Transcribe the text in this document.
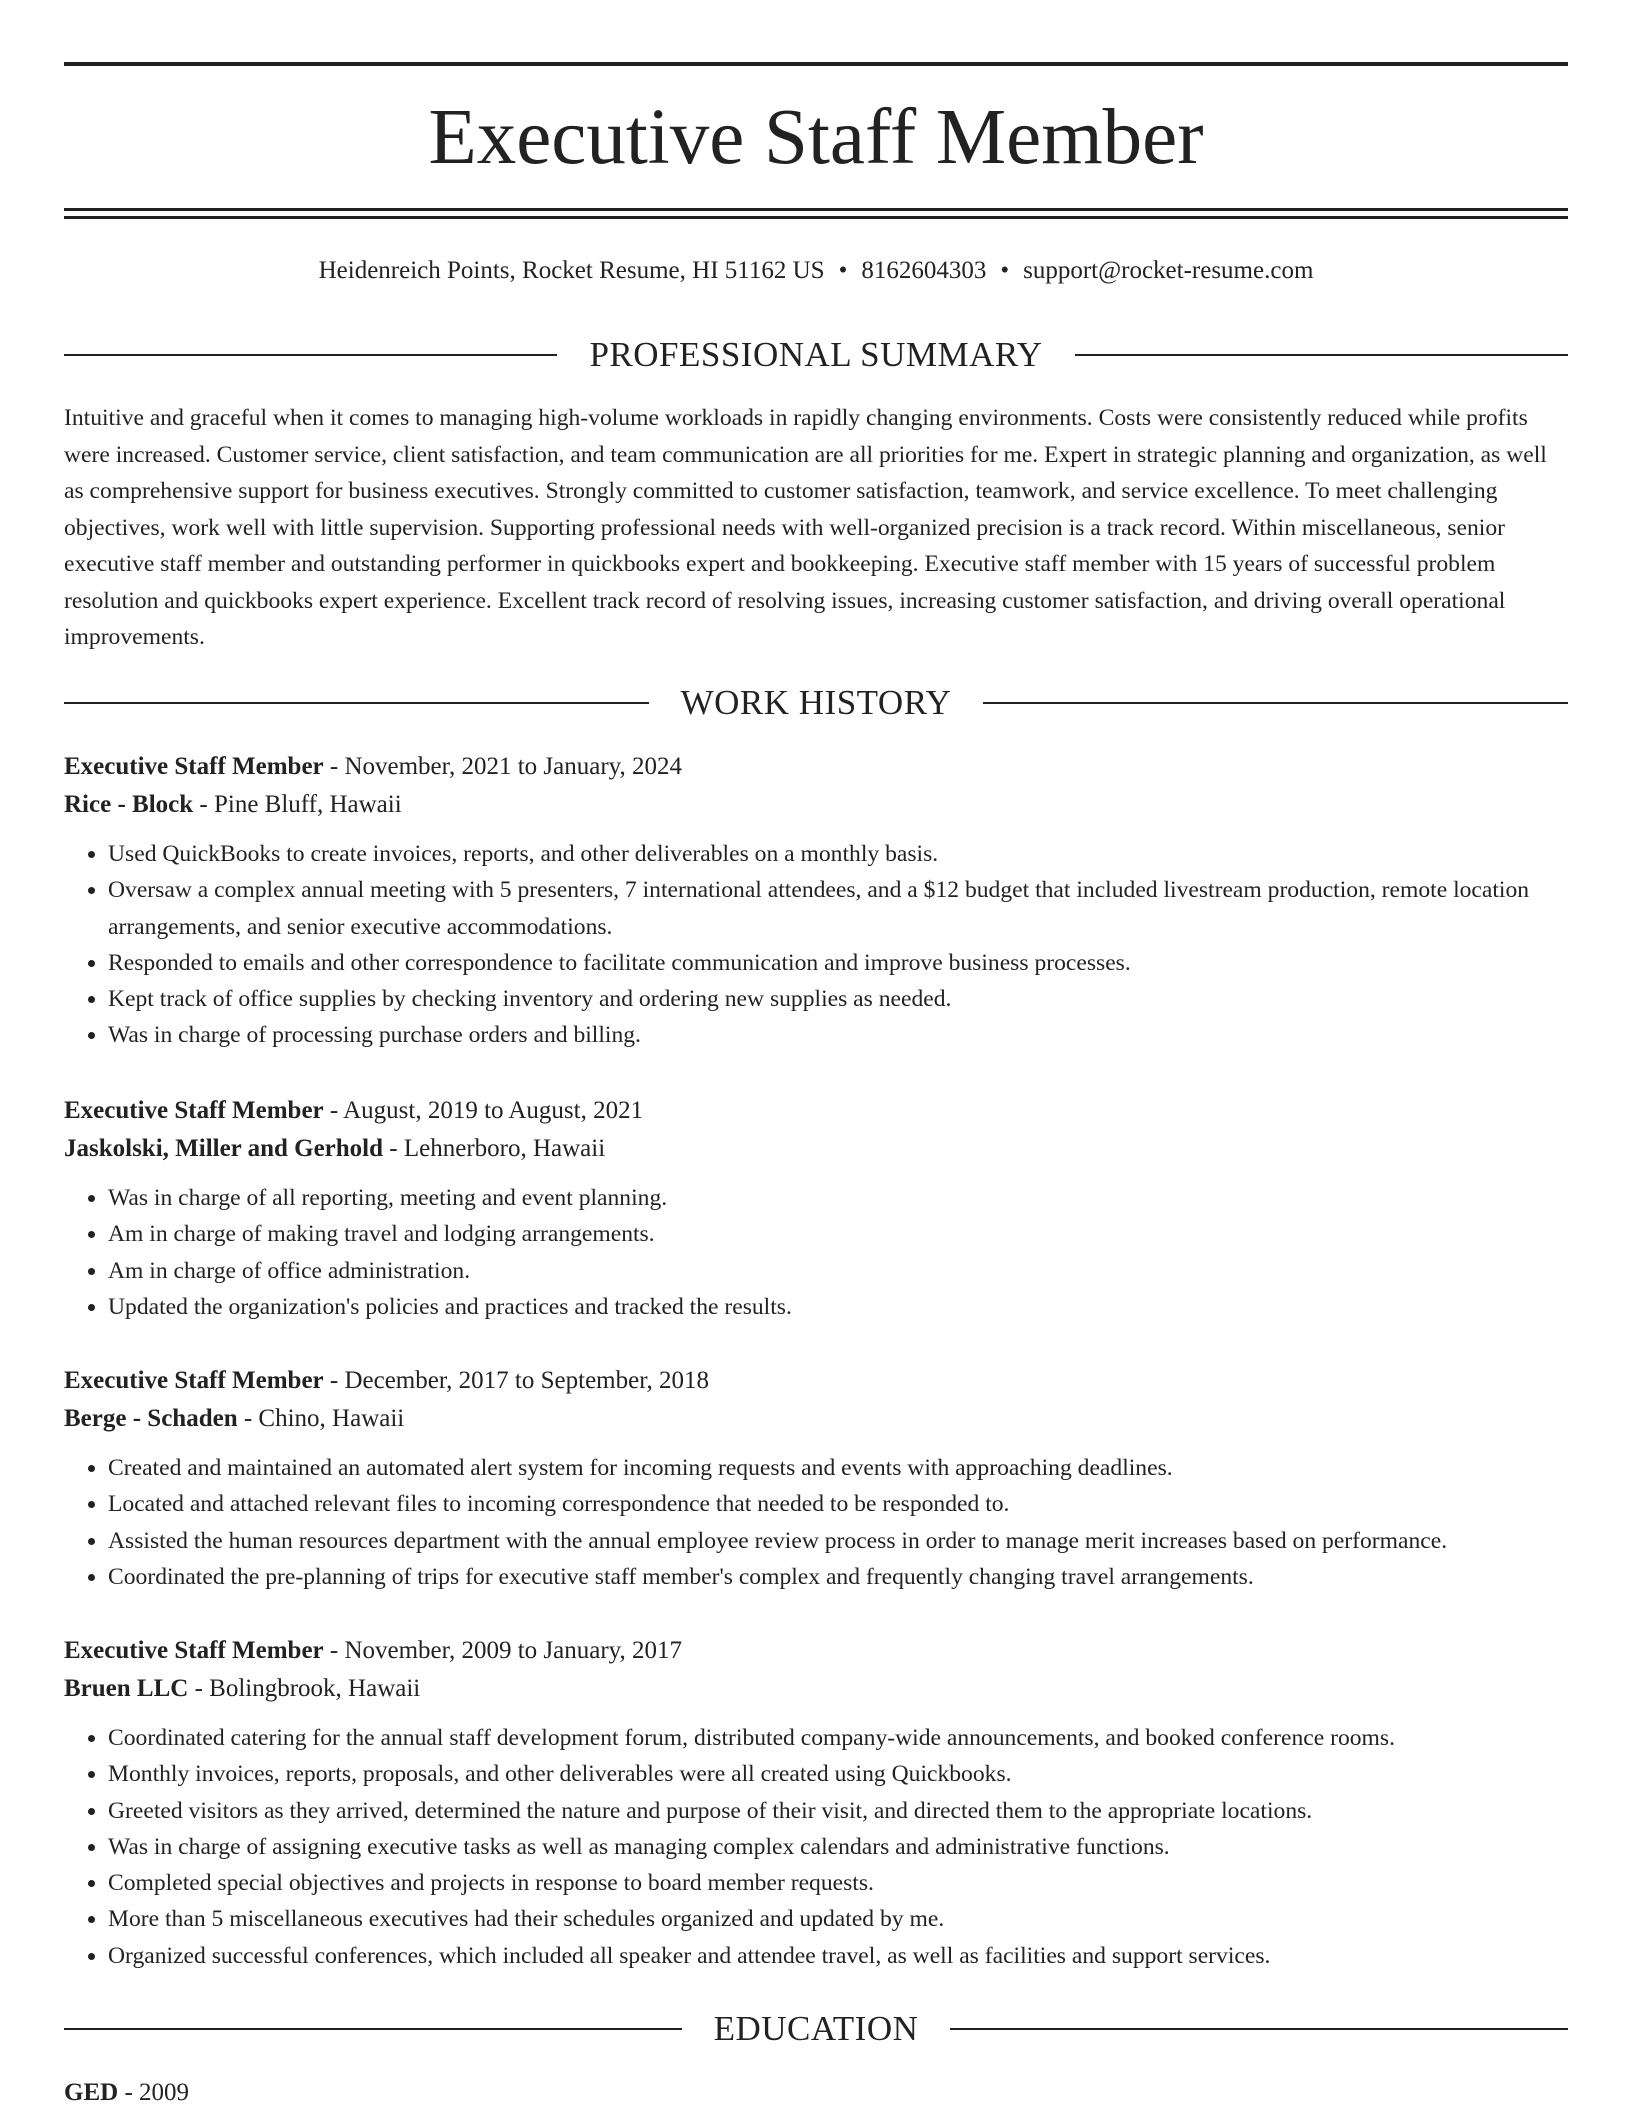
Executive Staff Member
Heidenreich Points, Rocket Resume, HI 51162 US • 8162604303 • support@rocket-resume.com
PROFESSIONAL SUMMARY

Intuitive and graceful when it comes to managing high-volume workloads in rapidly changing environments. Costs were consistently reduced while profits were increased. Customer service, client satisfaction, and team communication are all priorities for me. Expert in strategic planning and organization, as well as comprehensive support for business executives. Strongly committed to customer satisfaction, teamwork, and service excellence. To meet challenging objectives, work well with little supervision. Supporting professional needs with well-organized precision is a track record. Within miscellaneous, senior executive staff member and outstanding performer in quickbooks expert and bookkeeping. Executive staff member with 15 years of successful problem resolution and quickbooks expert experience. Excellent track record of resolving issues, increasing customer satisfaction, and driving overall operational improvements.

WORK HISTORY
Executive Staff Member - November, 2021 to January, 2024
Rice - Block - Pine Bluff, Hawaii
• Used QuickBooks to create invoices, reports, and other deliverables on a monthly basis.
• Oversaw a complex annual meeting with 5 presenters, 7 international attendees, and a $12 budget that included livestream production, remote location arrangements, and senior executive accommodations.
• Responded to emails and other correspondence to facilitate communication and improve business processes.
• Kept track of office supplies by checking inventory and ordering new supplies as needed.
• Was in charge of processing purchase orders and billing.
Executive Staff Member - August, 2019 to August, 2021
Jaskolski, Miller and Gerhold - Lehnerboro, Hawaii
• Was in charge of all reporting, meeting and event planning.
• Am in charge of making travel and lodging arrangements.
• Am in charge of office administration.
• Updated the organization's policies and practices and tracked the results.
Executive Staff Member - December, 2017 to September, 2018
Berge - Schaden - Chino, Hawaii
• Created and maintained an automated alert system for incoming requests and events with approaching deadlines.
• Located and attached relevant files to incoming correspondence that needed to be responded to.
• Assisted the human resources department with the annual employee review process in order to manage merit increases based on performance.
• Coordinated the pre-planning of trips for executive staff member's complex and frequently changing travel arrangements.
Executive Staff Member - November, 2009 to January, 2017
Bruen LLC - Bolingbrook, Hawaii
• Coordinated catering for the annual staff development forum, distributed company-wide announcements, and booked conference rooms.
• Monthly invoices, reports, proposals, and other deliverables were all created using Quickbooks.
• Greeted visitors as they arrived, determined the nature and purpose of their visit, and directed them to the appropriate locations.
• Was in charge of assigning executive tasks as well as managing complex calendars and administrative functions.
• Completed special objectives and projects in response to board member requests.
• More than 5 miscellaneous executives had their schedules organized and updated by me.
• Organized successful conferences, which included all speaker and attendee travel, as well as facilities and support services.
EDUCATION
GED - 2009
